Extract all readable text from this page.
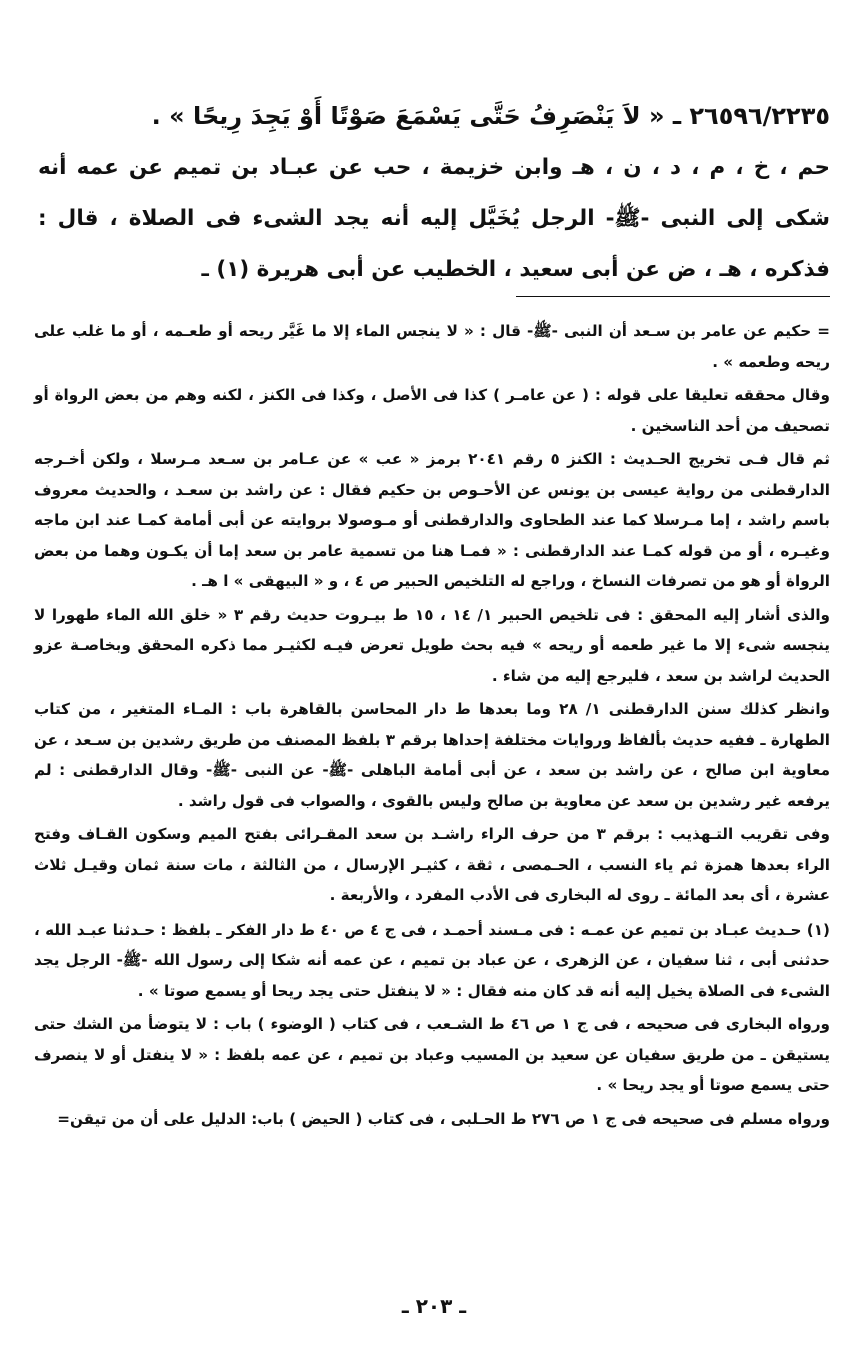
٢٦٥٩٦/٢٢٣٥ ـ « لاَ يَنْصَرِفُ حَتَّى يَسْمَعَ صَوْتًا أَوْ يَجِدَ رِيحًا » .

حم ، خ ، م ، د ، ن ، هـ وابن خزيمة ، حب عن عبـاد بن تميم عن عمه أنه شكى إلى النبى -ﷺ- الرجل يُخَيَّل إليه أنه يجد الشىء فى الصلاة ، قال : فذكره ، هـ ، ض عن أبى سعيد ، الخطيب عن أبى هريرة (١) ـ

= حكيم عن عامر بن سـعد أن النبى -ﷺ- قال : « لا ينجس الماء إلا ما غَيَّر ريحه أو طعـمه ، أو ما غلب على ريحه وطعمه » .

وقال محققه تعليقا على قوله : ( عن عامـر ) كذا فى الأصل ، وكذا فى الكنز ، لكنه وهم من بعض الرواة أو تصحيف من أحد الناسخين .

ثم قال فـى تخريج الحـديث : الكنز ٥ رقم ٢٠٤١ برمز « عب » عن عـامر بن سـعد مـرسلا ، ولكن أخـرجه الدارقطنى من رواية عيسى بن يونس عن الأحـوص بن حكيم فقال : عن راشد بن سعـد ، والحديث معروف باسم راشد ، إما مـرسلا كما عند الطحاوى والدارقطنى أو مـوصولا بروايته عن أبى أمامة كمـا عند ابن ماجه وغيـره ، أو من قوله كمـا عند الدارقطنى : « فمـا هنا من تسمية عامر بن سعد إما أن يكـون وهما من بعض الرواة أو هو من تصرفات النساخ ، وراجع له التلخيص الحبير ص ٤ ، و « البيهقى » ا هـ .

والذى أشار إليه المحقق : فى تلخيص الحبير ١/ ١٤ ، ١٥ ط بيـروت حديث رقم ٣ « خلق الله الماء طهورا لا ينجسه شىء إلا ما غير طعمه أو ريحه » فيه بحث طويل تعرض فيـه لكثيـر مما ذكره المحقق وبخاصـة عزو الحديث لراشد بن سعد ، فليرجع إليه من شاء .

وانظر كذلك سنن الدارقطنى ١/ ٢٨ وما بعدها ط دار المحاسن بالقاهرة باب : المـاء المتغير ، من كتاب الطهارة ـ ففيه حديث بألفاظ وروايات مختلفة إحداها برقم ٣ بلفظ المصنف من طريق رشدين بن سـعد ، عن معاوية ابن صالح ، عن راشد بن سعد ، عن أبى أمامة الباهلى -ﷺ- عن النبى -ﷺ- وقال الدارقطنى : لم يرفعه غير رشدين بن سعد عن معاوية بن صالح وليس بالقوى ، والصواب فى قول راشد .

وفى تقريب التـهذيب : برقم ٣ من حرف الراء راشـد بن سعد المقـرائى بفتح الميم وسكون القـاف وفتح الراء بعدها همزة ثم ياء النسب ، الحـمصى ، ثقة ، كثيـر الإرسال ، من الثالثة ، مات سنة ثمان وقيـل ثلاث عشرة ، أى بعد المائة ـ روى له البخارى فى الأدب المفرد ، والأربعة .

(١) حـديث عبـاد بن تميم عن عمـه : فى مـسند أحمـد ، فى ج ٤ ص ٤٠ ط دار الفكر ـ بلفظ : حـدثنا عبـد الله ، حدثنى أبى ، ثنا سفيان ، عن الزهرى ، عن عباد بن تميم ، عن عمه أنه شكا إلى رسول الله -ﷺ- الرجل يجد الشىء فى الصلاة يخيل إليه أنه قد كان منه فقال : « لا ينفتل حتى يجد ريحا أو يسمع صوتا » .

ورواه البخارى فى صحيحه ، فى ج ١ ص ٤٦ ط الشـعب ، فى كتاب ( الوضوء ) باب : لا يتوضأ من الشك حتى يستيقن ـ من طريق سفيان عن سعيد بن المسيب وعباد بن تميم ، عن عمه بلفظ : « لا ينفتل أو لا ينصرف حتى يسمع صوتا أو يجد ريحا » .

ورواه مسلم فى صحيحه فى ج ١ ص ٢٧٦ ط الحـلبى ، فى كتاب ( الحيض ) باب: الدليل على أن من تيقن=

ـ ٢٠٣ ـ
